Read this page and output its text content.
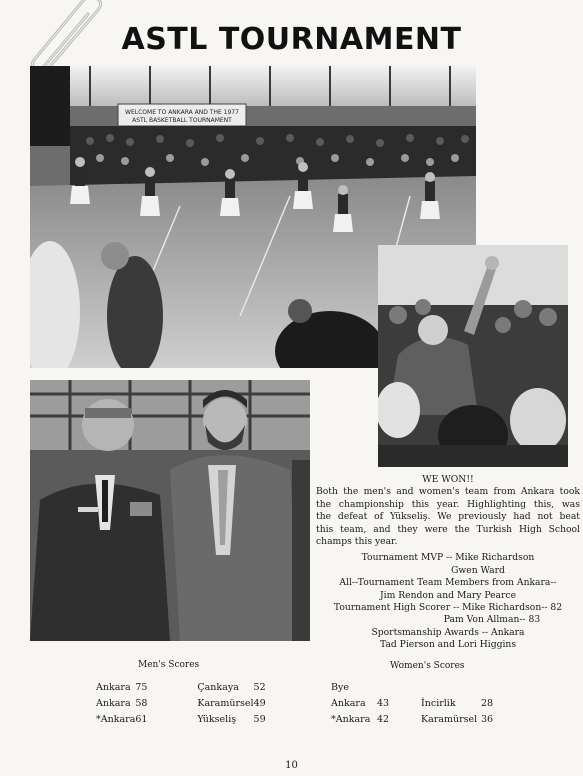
ASTL TOURNAMENT
WELCOME TO ANKARA AND THE 1977
ASTL BASKETBALL TOURNAMENT
WE WON!!
Both the men's and women's team from Ankara took
the championship this year. Highlighting this, was
the defeat of Yükseliş. We previously had not beat
this team, and they were the Turkish High School
champs this year.
Tournament MVP -- Mike Richardson
Gwen Ward
All--Tournament Team Members from Ankara--
Jim Rendon and Mary Pearce
Tournament High Scorer -- Mike Richardson-- 82
Pam Von Allman-- 83
Sportsmanship Awards -- Ankara
Tad Pierson and Lori Higgins
Men's Scores	Women's Scores
Ankara	75	Çankaya	52
Ankara	58	Karamürsel	49
*Ankara	61	Yükseliş	59
Bye			
Ankara	43	İncirlik	28
*Ankara	42	Karamürsel	36
10
